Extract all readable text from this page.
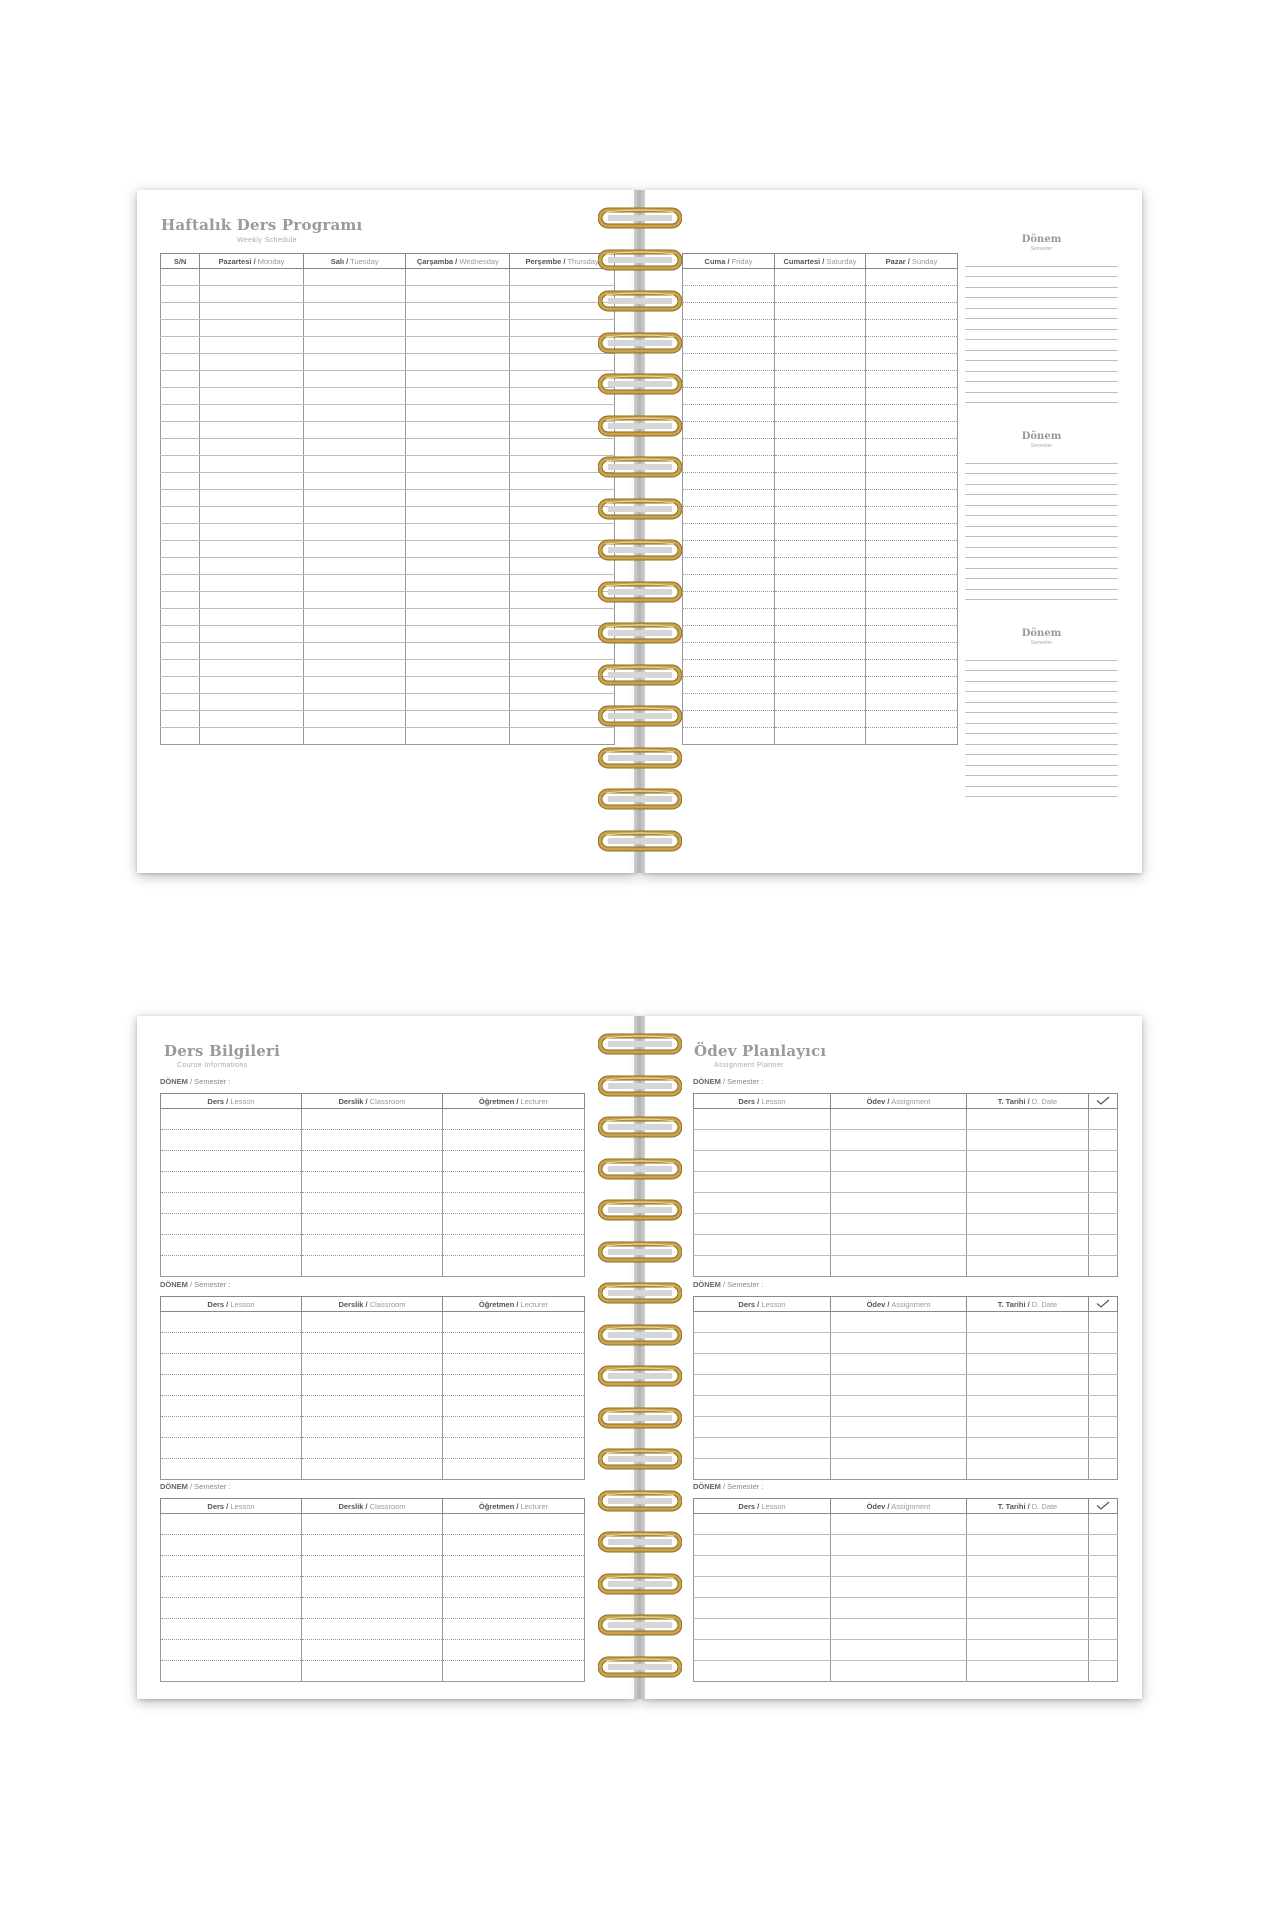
Haftalık Ders Programı
Weekly Schedule
S/N	Pazartesi / Monday	Salı / Tuesday	Çarşamba / Wednesday	Perşembe / Thursday

					Cuma / Friday	Cumartesi / Saturday	Pazar / Sunday

Dönem
Semester
Dönem
Semester
Dönem
Semester
Ders Bilgileri
Course Informations
DÖNEM / Semester :
Ders / Lesson	Derslik / Classroom	Öğretmen / Lecturer

DÖNEM / Semester :
Ders / Lesson	Derslik / Classroom	Öğretmen / Lecturer

DÖNEM / Semester :
Ders / Lesson	Derslik / Classroom	Öğretmen / Lecturer

Ödev Planlayıcı
Assignment Planner
DÖNEM / Semester :
Ders / Lesson	Ödev / Assignment	T. Tarihi / D. Date	

DÖNEM / Semester :
Ders / Lesson	Ödev / Assignment	T. Tarihi / D. Date	

DÖNEM / Semester :
Ders / Lesson	Ödev / Assignment	T. Tarihi / D. Date	
